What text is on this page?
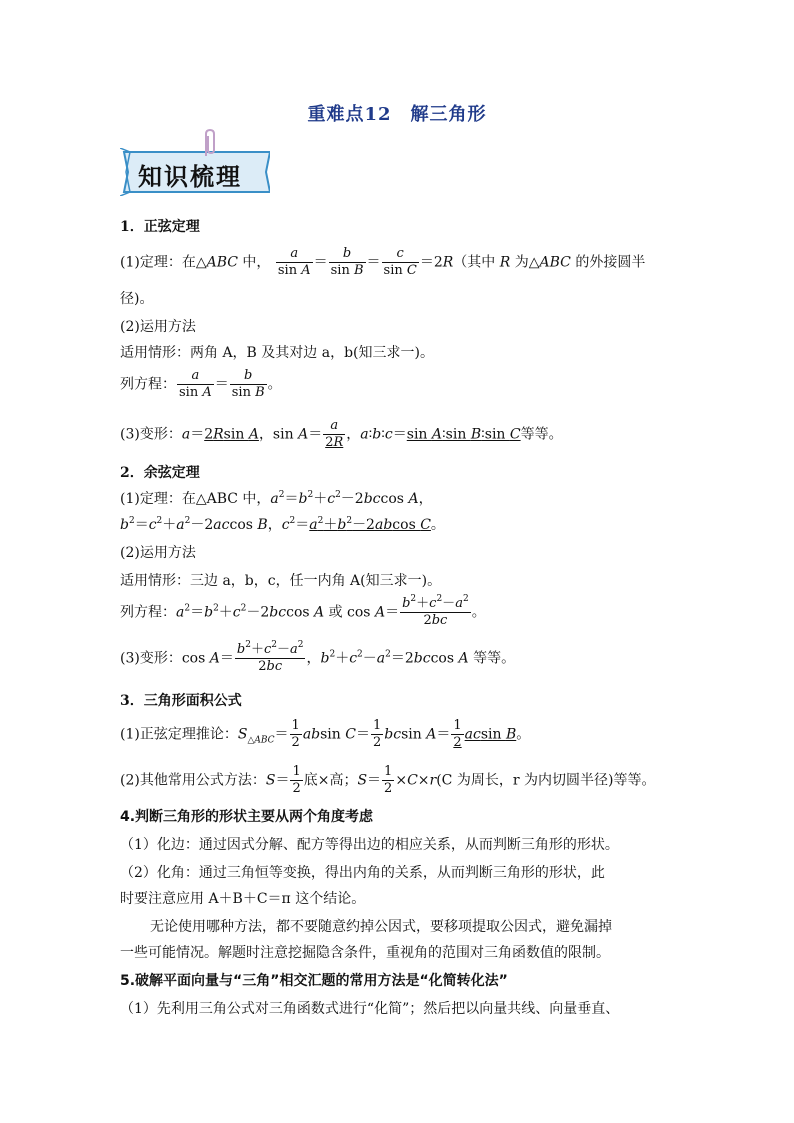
重难点12　解三角形
知识梳理
1．正弦定理
(1)定理：在△ABC 中， $\frac{a}{\text{sin A}} = \frac{b}{\text{sin B}} = \frac{c}{\text{sin C}} =2R$（其中 R 为△ABC 的外接圆半
径)。
(2)运用方法
适用情形：两角 A，B 及其对边 a，b(知三求一)。
列方程： $\frac{a}{\text{sin A}} = \frac{b}{\text{sin B}}$ 。
(3)变形：a＝2Rsin A，$\sin A= \frac{a}{2R}$ ，a∶b∶c＝sin A∶sin B∶sin C等等。
2．余弦定理
(1)定理：在△ABC 中，$a^2=b^2+c^2-2bccos$ A，
$b^2=c^2+a^2-2accos$ B，$c^2=a^2+b^2-2abcos$ C。
(2)运用方法
适用情形：三边 a，b，c，任一内角 A(知三求一)。
列方程：$a^2=b^2+c^2-2bccos$ A 或 $\cos A= \frac{b^2+c^2-a^2}{2bc}$ 。
(3)变形：$\cos A= \frac{b^2+c^2-a^2}{2bc}$ ，$b^2+c^2-a^2=2bccos$ A 等等。
3．三角形面积公式
(1)正弦定理推论：$S_{\triangle ABC}= \frac{1}{2}$ absin $C= \frac{1}{2}$ bcsin $A= \frac{1}{2}$ acsin B。
(2)其他常用公式方法：$S= \frac{1}{2}$ 底×高；$S= \frac{1}{2} \times C\times r(C$ 为周长，r 为内切圆半径)等等。
4.判断三角形的形状主要从两个角度考虑
（1）化边：通过因式分解、配方等得出边的相应关系，从而判断三角形的形状。
（2）化角：通过三角恒等变换，得出内角的关系，从而判断三角形的形状，此
时要注意应用 A＋B＋C＝π 这个结论。
无论使用哪种方法，都不要随意约掉公因式，要移项提取公因式，避免漏掉
一些可能情况。解题时注意挖掘隐含条件，重视角的范围对三角函数值的限制。
5.破解平面向量与“三角”相交汇题的常用方法是“化简转化法”
（1）先利用三角公式对三角函数式进行“化简”；然后把以向量共线、向量垂直、
